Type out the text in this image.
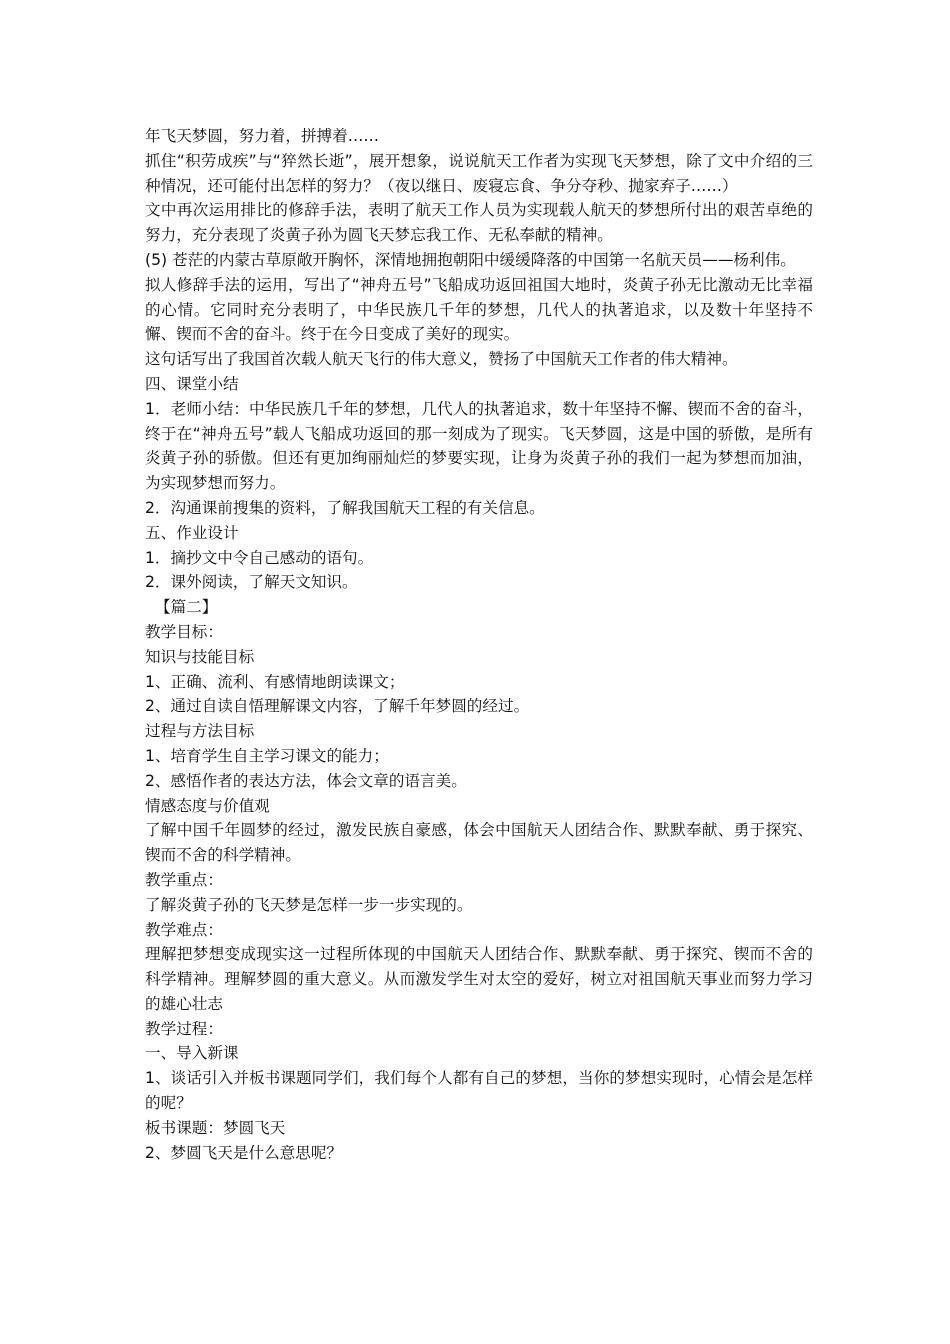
年飞天梦圆，努力着，拼搏着……

抓住“积劳成疾”与“猝然长逝”，展开想象，说说航天工作者为实现飞天梦想，除了文中介绍的三种情况，还可能付出怎样的努力？（夜以继日、废寝忘食、争分夺秒、抛家弃子……）

文中再次运用排比的修辞手法，表明了航天工作人员为实现载人航天的梦想所付出的艰苦卓绝的努力，充分表现了炎黄子孙为圆飞天梦忘我工作、无私奉献的精神。

(5) 苍茫的内蒙古草原敞开胸怀，深情地拥抱朝阳中缓缓降落的中国第一名航天员——杨利伟。

拟人修辞手法的运用，写出了“神舟五号”飞船成功返回祖国大地时，炎黄子孙无比激动无比幸福的心情。它同时充分表明了，中华民族几千年的梦想，几代人的执著追求，以及数十年坚持不懈、锲而不舍的奋斗。终于在今日变成了美好的现实。

这句话写出了我国首次载人航天飞行的伟大意义，赞扬了中国航天工作者的伟大精神。

四、课堂小结

1．老师小结：中华民族几千年的梦想，几代人的执著追求，数十年坚持不懈、锲而不舍的奋斗，终于在“神舟五号”载人飞船成功返回的那一刻成为了现实。飞天梦圆，这是中国的骄傲，是所有炎黄子孙的骄傲。但还有更加绚丽灿烂的梦要实现，让身为炎黄子孙的我们一起为梦想而加油，为实现梦想而努力。

2．沟通课前搜集的资料，了解我国航天工程的有关信息。

五、作业设计

1．摘抄文中令自己感动的语句。

2．课外阅读，了解天文知识。

【篇二】

教学目标：

知识与技能目标

1、正确、流利、有感情地朗读课文；

2、通过自读自悟理解课文内容，了解千年梦圆的经过。

过程与方法目标

1、培育学生自主学习课文的能力；

2、感悟作者的表达方法，体会文章的语言美。

情感态度与价值观

了解中国千年圆梦的经过，激发民族自豪感，体会中国航天人团结合作、默默奉献、勇于探究、锲而不舍的科学精神。

教学重点：

了解炎黄子孙的飞天梦是怎样一步一步实现的。

教学难点：

理解把梦想变成现实这一过程所体现的中国航天人团结合作、默默奉献、勇于探究、锲而不舍的科学精神。理解梦圆的重大意义。从而激发学生对太空的爱好，树立对祖国航天事业而努力学习的雄心壮志

教学过程：

一、导入新课

1、谈话引入并板书课题同学们，我们每个人都有自己的梦想，当你的梦想实现时，心情会是怎样的呢？

板书课题：梦圆飞天

2、梦圆飞天是什么意思呢？
